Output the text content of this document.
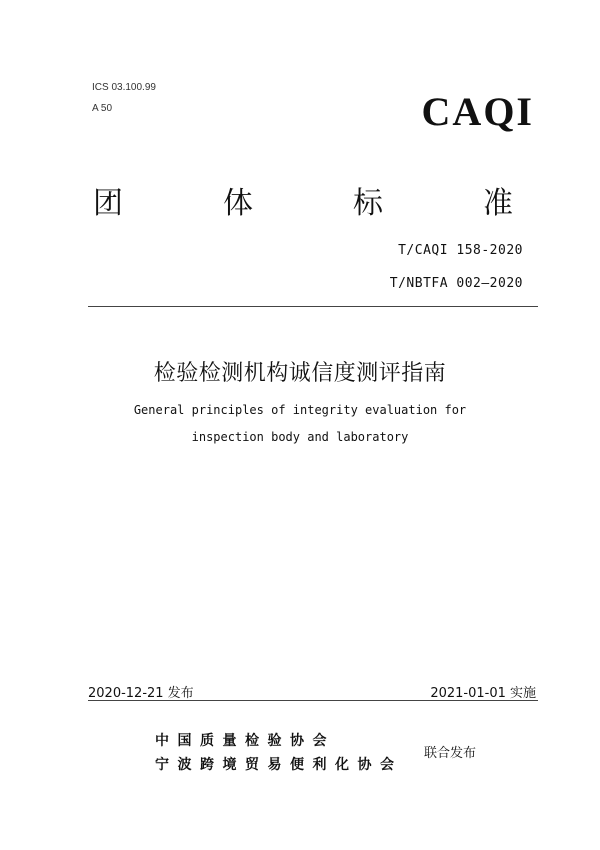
ICS 03.100.99
A 50	CAQI
团	体	标	准
T/CAQI 158-2020
T/NBTFA 002—2020
检验检测机构诚信度测评指南
General principles of integrity evaluation for
inspection body and laboratory
2020-12-21 发布	2021-01-01 实施
中国质量检验协会
宁波跨境贸易便利化协会
联合发布
